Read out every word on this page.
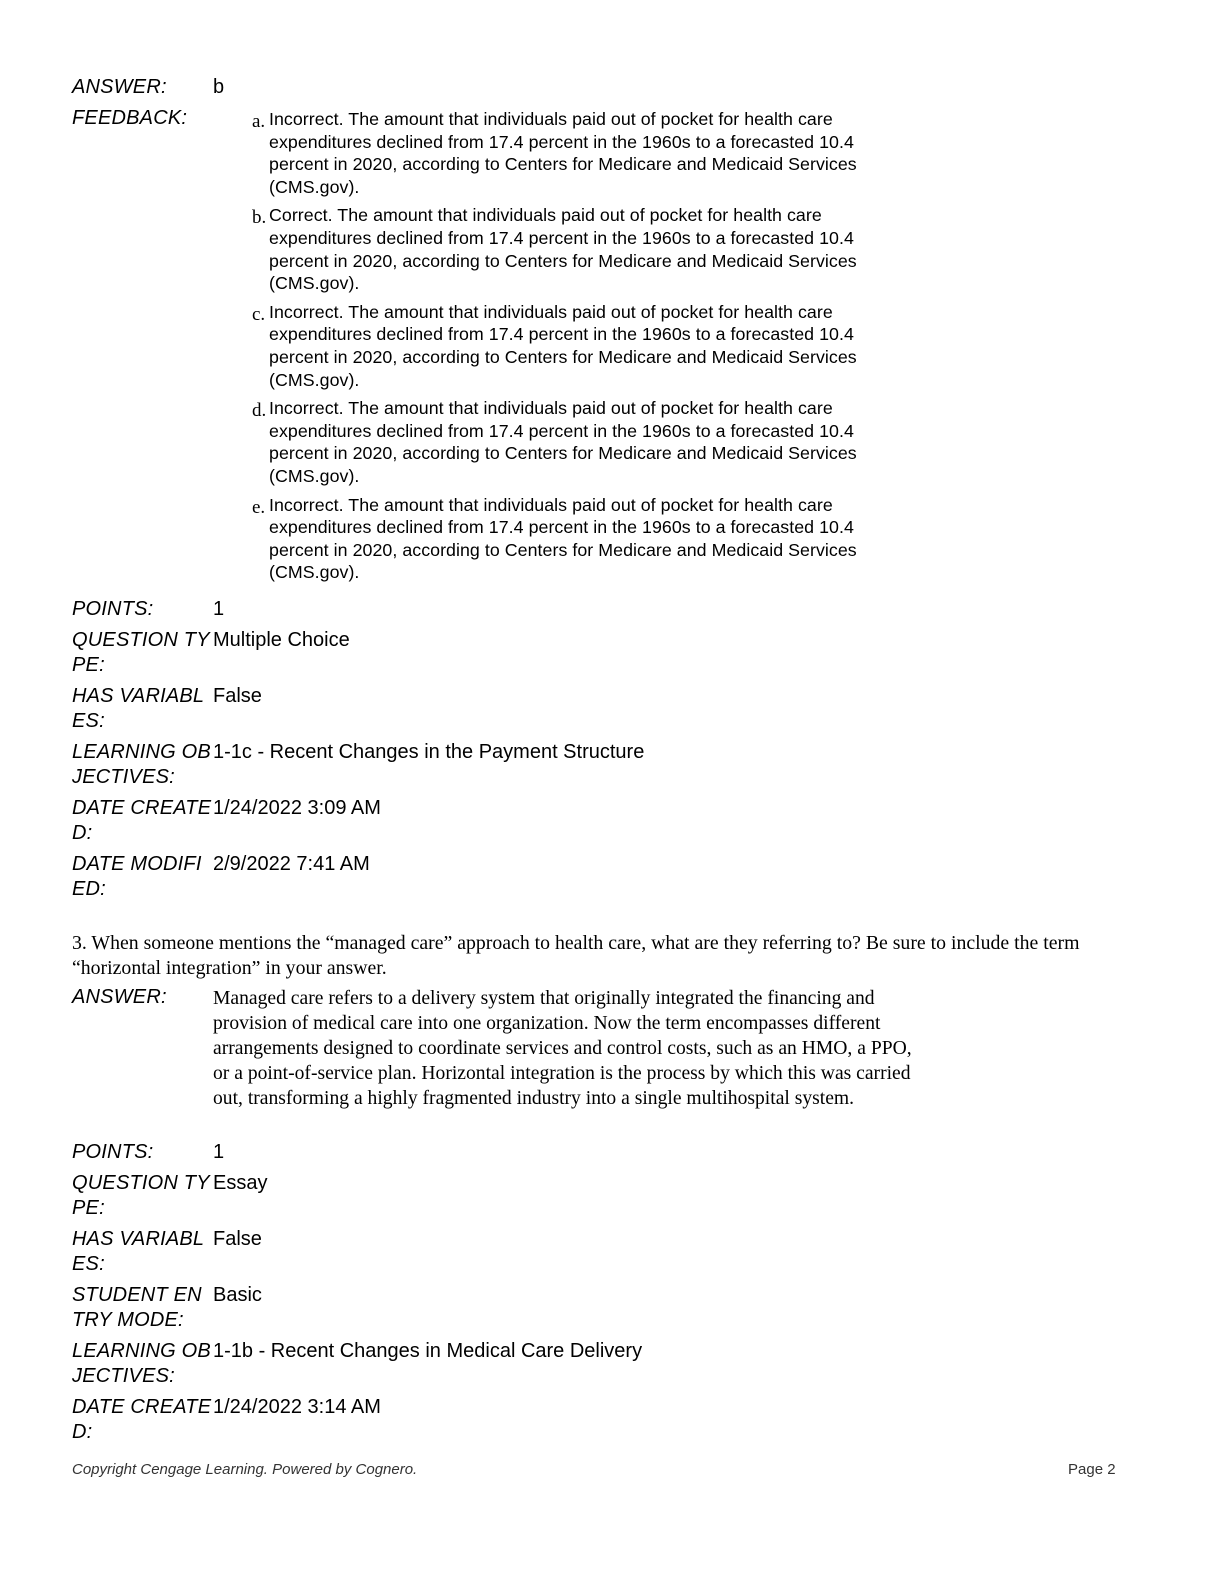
ANSWER:	b
FEEDBACK:	a. Incorrect. The amount that individuals paid out of pocket for health care expenditures declined from 17.4 percent in the 1960s to a forecasted 10.4 percent in 2020, according to Centers for Medicare and Medicaid Services (CMS.gov).
b. Correct. The amount that individuals paid out of pocket for health care expenditures declined from 17.4 percent in the 1960s to a forecasted 10.4 percent in 2020, according to Centers for Medicare and Medicaid Services (CMS.gov).
c. Incorrect. The amount that individuals paid out of pocket for health care expenditures declined from 17.4 percent in the 1960s to a forecasted 10.4 percent in 2020, according to Centers for Medicare and Medicaid Services (CMS.gov).
d. Incorrect. The amount that individuals paid out of pocket for health care expenditures declined from 17.4 percent in the 1960s to a forecasted 10.4 percent in 2020, according to Centers for Medicare and Medicaid Services (CMS.gov).
e. Incorrect. The amount that individuals paid out of pocket for health care expenditures declined from 17.4 percent in the 1960s to a forecasted 10.4 percent in 2020, according to Centers for Medicare and Medicaid Services (CMS.gov).
POINTS:	1
QUESTION TYPE:
Multiple Choice
HAS VARIABLES:
False
LEARNING OBJECTIVES:
1-1c - Recent Changes in the Payment Structure
DATE CREATED:
1/24/2022 3:09 AM
DATE MODIFIED:
2/9/2022 7:41 AM
3. When someone mentions the “managed care” approach to health care, what are they referring to? Be sure to include the term “horizontal integration” in your answer.
ANSWER:	Managed care refers to a delivery system that originally integrated the financing and provision of medical care into one organization. Now the term encompasses different arrangements designed to coordinate services and control costs, such as an HMO, a PPO, or a point-of-service plan. Horizontal integration is the process by which this was carried out, transforming a highly fragmented industry into a single multihospital system.
POINTS:	1
QUESTION TYPE:
Essay
HAS VARIABLES:
False
STUDENT ENTRY MODE:
Basic
LEARNING OBJECTIVES:
1-1b - Recent Changes in Medical Care Delivery
DATE CREATED:
1/24/2022 3:14 AM
Copyright Cengage Learning. Powered by Cognero.	Page 2
